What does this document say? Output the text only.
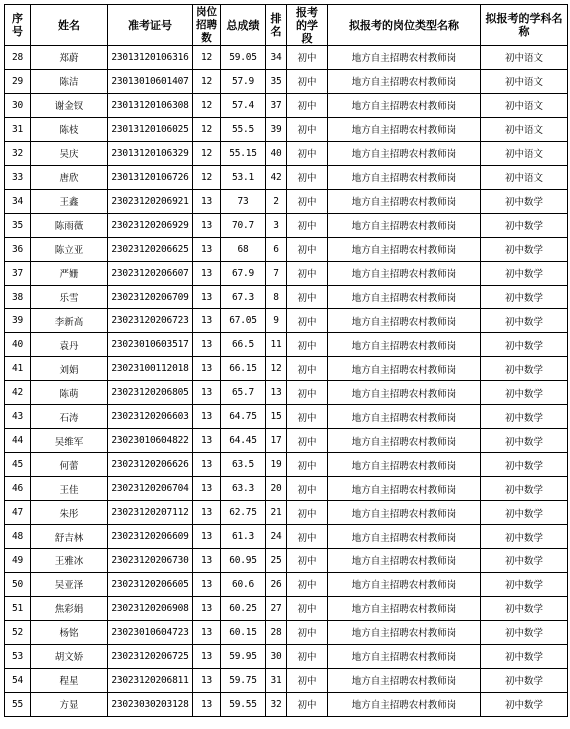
序号	姓名	准考证号	岗位招聘数	总成绩	排名	报考的学段	拟报考的岗位类型名称	拟报考的学科名称
28	郑蔚	23013120106316	12	59.05	34	初中	地方自主招聘农村教师岗	初中语文
29	陈洁	23013010601407	12	57.9	35	初中	地方自主招聘农村教师岗	初中语文
30	谢金钗	23013120106308	12	57.4	37	初中	地方自主招聘农村教师岗	初中语文
31	陈枝	23013120106025	12	55.5	39	初中	地方自主招聘农村教师岗	初中语文
32	吴庆	23013120106329	12	55.15	40	初中	地方自主招聘农村教师岗	初中语文
33	唐欣	23013120106726	12	53.1	42	初中	地方自主招聘农村教师岗	初中语文
34	王鑫	23023120206921	13	73	2	初中	地方自主招聘农村教师岗	初中数学
35	陈雨薇	23023120206929	13	70.7	3	初中	地方自主招聘农村教师岗	初中数学
36	陈立亚	23023120206625	13	68	6	初中	地方自主招聘农村教师岗	初中数学
37	严姗	23023120206607	13	67.9	7	初中	地方自主招聘农村教师岗	初中数学
38	乐雪	23023120206709	13	67.3	8	初中	地方自主招聘农村教师岗	初中数学
39	李新高	23023120206723	13	67.05	9	初中	地方自主招聘农村教师岗	初中数学
40	袁丹	23023010603517	13	66.5	11	初中	地方自主招聘农村教师岗	初中数学
41	刘娟	23023100112018	13	66.15	12	初中	地方自主招聘农村教师岗	初中数学
42	陈萌	23023120206805	13	65.7	13	初中	地方自主招聘农村教师岗	初中数学
43	石涛	23023120206603	13	64.75	15	初中	地方自主招聘农村教师岗	初中数学
44	吴维军	23023010604822	13	64.45	17	初中	地方自主招聘农村教师岗	初中数学
45	何蕾	23023120206626	13	63.5	19	初中	地方自主招聘农村教师岗	初中数学
46	王佳	23023120206704	13	63.3	20	初中	地方自主招聘农村教师岗	初中数学
47	朱彤	23023120207112	13	62.75	21	初中	地方自主招聘农村教师岗	初中数学
48	舒吉林	23023120206609	13	61.3	24	初中	地方自主招聘农村教师岗	初中数学
49	王雅冰	23023120206730	13	60.95	25	初中	地方自主招聘农村教师岗	初中数学
50	吴亚泽	23023120206605	13	60.6	26	初中	地方自主招聘农村教师岗	初中数学
51	焦彩娟	23023120206908	13	60.25	27	初中	地方自主招聘农村教师岗	初中数学
52	杨铭	23023010604723	13	60.15	28	初中	地方自主招聘农村教师岗	初中数学
53	胡文娇	23023120206725	13	59.95	30	初中	地方自主招聘农村教师岗	初中数学
54	程星	23023120206811	13	59.75	31	初中	地方自主招聘农村教师岗	初中数学
55	方显	23023030203128	13	59.55	32	初中	地方自主招聘农村教师岗	初中数学
